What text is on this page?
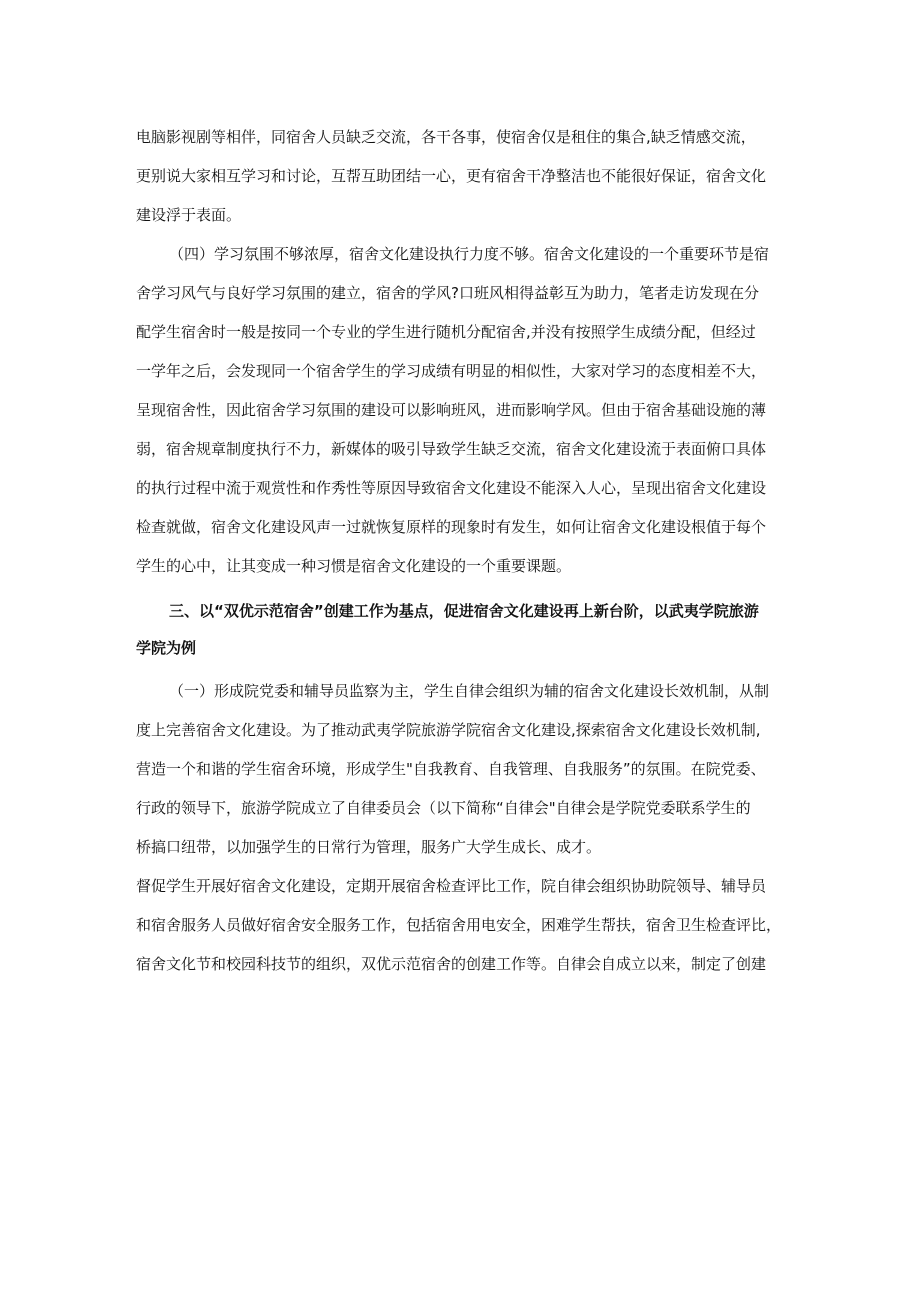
电脑影视剧等相伴，同宿舍人员缺乏交流，各干各事，使宿舍仅是租住的集合,缺乏情感交流，
更别说大家相互学习和讨论，互帮互助团结一心，更有宿舍干净整洁也不能很好保证，宿舍文化
建设浮于表面。
（四）学习氛围不够浓厚，宿舍文化建设执行力度不够。宿舍文化建设的一个重要环节是宿
舍学习风气与良好学习氛围的建立，宿舍的学风?口班风相得益彰互为助力，笔者走访发现在分
配学生宿舍时一般是按同一个专业的学生进行随机分配宿舍,并没有按照学生成绩分配，但经过
一学年之后，会发现同一个宿舍学生的学习成绩有明显的相似性，大家对学习的态度相差不大，
呈现宿舍性，因此宿舍学习氛围的建设可以影响班风，进而影响学风。但由于宿舍基础设施的薄
弱，宿舍规章制度执行不力，新媒体的吸引导致学生缺乏交流，宿舍文化建设流于表面俯口具体
的执行过程中流于观赏性和作秀性等原因导致宿舍文化建设不能深入人心，呈现出宿舍文化建设
检查就做，宿舍文化建设风声一过就恢复原样的现象时有发生，如何让宿舍文化建设根值于每个
学生的心中，让其变成一种习惯是宿舍文化建设的一个重要课题。
三、以“双优示范宿舍”创建工作为基点，促进宿舍文化建设再上新台阶，以武夷学院旅游
学院为例
（一）形成院党委和辅导员监察为主，学生自律会组织为辅的宿舍文化建设长效机制，从制
度上完善宿舍文化建设。为了推动武夷学院旅游学院宿舍文化建设,探索宿舍文化建设长效机制,
营造一个和谐的学生宿舍环境，形成学生"自我教育、自我管理、自我服务”的氛围。在院党委、
行政的领导下，旅游学院成立了自律委员会（以下简称“自律会"自律会是学院党委联系学生的
桥搞口纽带，以加强学生的日常行为管理，服务广大学生成长、成才。
督促学生开展好宿舍文化建设，定期开展宿舍检查评比工作，院自律会组织协助院领导、辅导员
和宿舍服务人员做好宿舍安全服务工作，包括宿舍用电安全，困难学生帮扶，宿舍卫生检查评比，
宿舍文化节和校园科技节的组织，双优示范宿舍的创建工作等。自律会自成立以来，制定了创建
